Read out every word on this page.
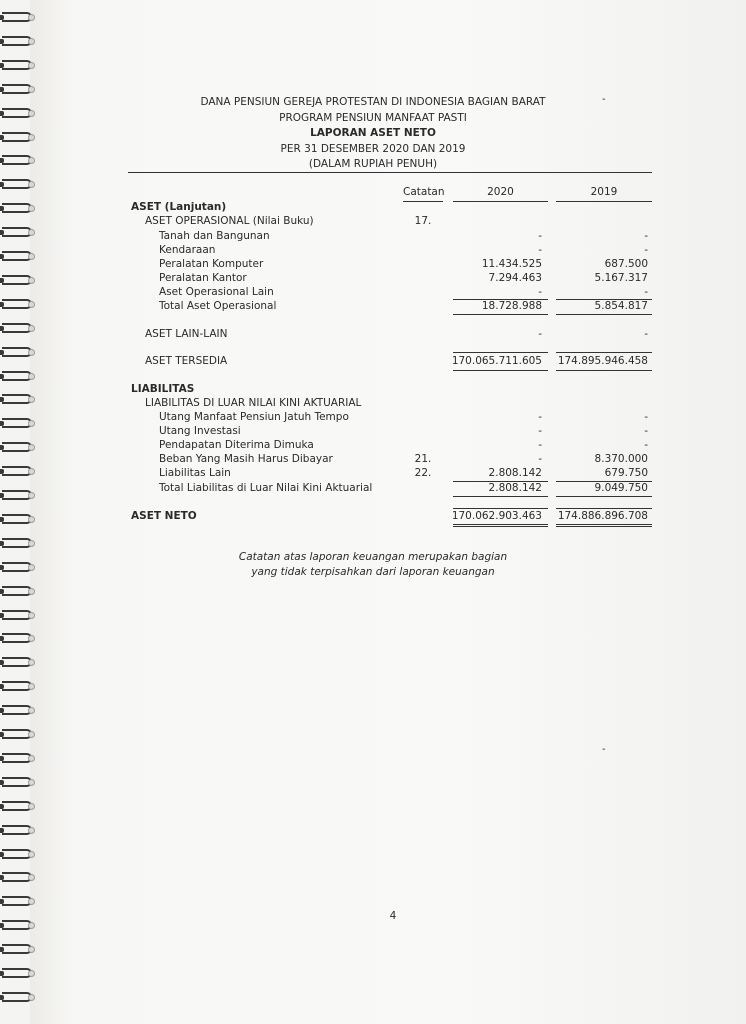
-
-
DANA PENSIUN GEREJA PROTESTAN DI INDONESIA BAGIAN BARAT
PROGRAM PENSIUN MANFAAT PASTI
LAPORAN ASET NETO
PER 31 DESEMBER 2020 DAN 2019
(DALAM RUPIAH PENUH)
Catatan	2020	2019
ASET (Lanjutan)
ASET OPERASIONAL (Nilai Buku)	17.
Tanah dan Bangunan	-	-
Kendaraan	-	-
Peralatan Komputer	11.434.525	687.500
Peralatan Kantor	7.294.463	5.167.317
Aset Operasional Lain	-	-
Total Aset Operasional	18.728.988	5.854.817
ASET LAIN-LAIN	-	-
ASET TERSEDIA	170.065.711.605 174.895.946.458
LIABILITAS
LIABILITAS DI LUAR NILAI KINI AKTUARIAL
Utang Manfaat Pensiun Jatuh Tempo	-	-
Utang Investasi	-	-
Pendapatan Diterima Dimuka	-	-
Beban Yang Masih Harus Dibayar	21.	-	8.370.000
Liabilitas Lain	22.	2.808.142	679.750
Total Liabilitas di Luar Nilai Kini Aktuarial	2.808.142	9.049.750
ASET NETO	170.062.903.463 174.886.896.708
Catatan atas laporan keuangan merupakan bagian
yang tidak terpisahkan dari laporan keuangan
4
